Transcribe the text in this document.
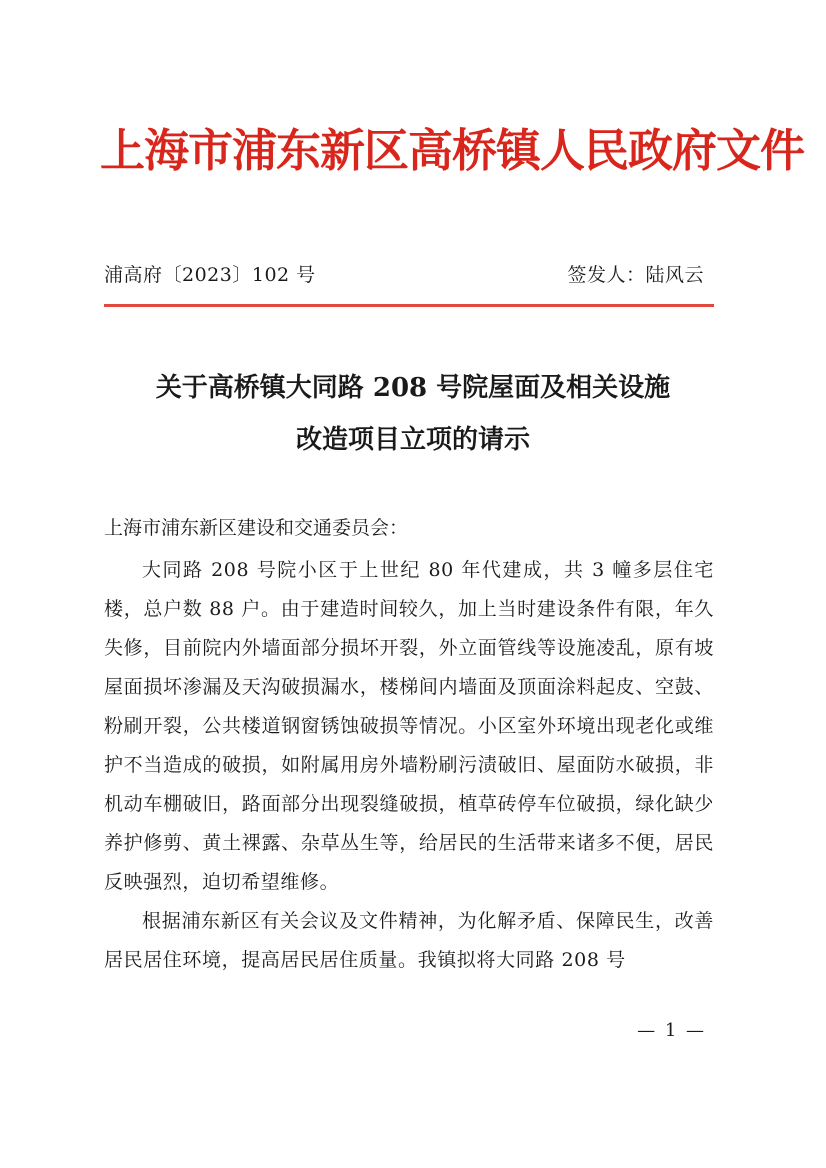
上海市浦东新区高桥镇人民政府文件
浦高府〔2023〕102 号	签发人：陆风云
关于高桥镇大同路 208 号院屋面及相关设施
改造项目立项的请示
上海市浦东新区建设和交通委员会：

大同路 208 号院小区于上世纪 80 年代建成，共 3 幢多层住宅楼，总户数 88 户。由于建造时间较久，加上当时建设条件有限，年久失修，目前院内外墙面部分损坏开裂，外立面管线等设施凌乱，原有坡屋面损坏渗漏及天沟破损漏水，楼梯间内墙面及顶面涂料起皮、空鼓、粉刷开裂，公共楼道钢窗锈蚀破损等情况。小区室外环境出现老化或维护不当造成的破损，如附属用房外墙粉刷污渍破旧、屋面防水破损，非机动车棚破旧，路面部分出现裂缝破损，植草砖停车位破损，绿化缺少养护修剪、黄土裸露、杂草丛生等，给居民的生活带来诸多不便，居民反映强烈，迫切希望维修。

根据浦东新区有关会议及文件精神，为化解矛盾、保障民生，改善居民居住环境，提高居民居住质量。我镇拟将大同路 208 号

— 1 —
